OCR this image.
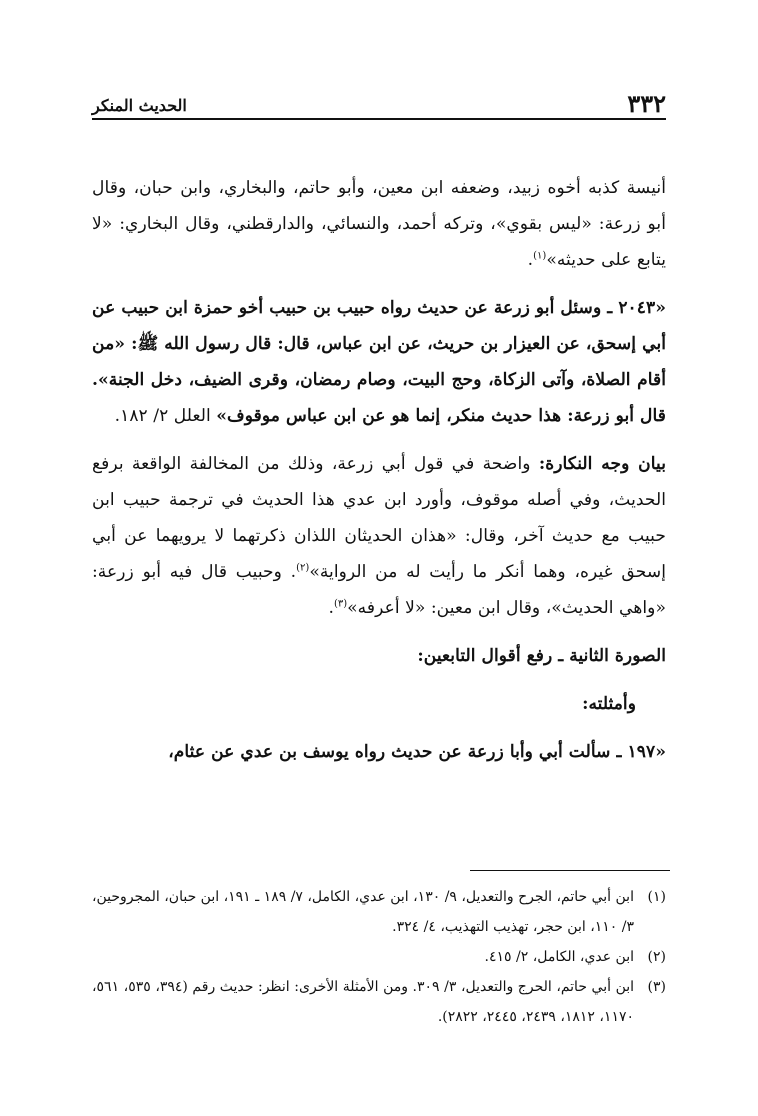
٣٣٢
الحديث المنكر

أنيسة كذبه أخوه زبيد، وضعفه ابن معين، وأبو حاتم، والبخاري، وابن حبان، وقال أبو زرعة: «ليس بقوي»، وتركه أحمد، والنسائي، والدارقطني، وقال البخاري: «لا يتابع على حديثه»$^{(١)}$.

«٢٠٤٣ ـ وسئل أبو زرعة عن حديث رواه حبيب بن حبيب أخو حمزة ابن حبيب عن أبي إسحق، عن العيزار بن حريث، عن ابن عباس، قال: قال رسول الله ﷺ: «من أقام الصلاة، وآتى الزكاة، وحج البيت، وصام رمضان، وقرى الضيف، دخل الجنة». قال أبو زرعة: هذا حديث منكر، إنما هو عن ابن عباس موقوف» العلل ٢/ ١٨٢.

بيان وجه النكارة: واضحة في قول أبي زرعة، وذلك من المخالفة الواقعة برفع الحديث، وفي أصله موقوف، وأورد ابن عدي هذا الحديث في ترجمة حبيب ابن حبيب مع حديث آخر، وقال: «هذان الحديثان اللذان ذكرتهما لا يرويهما عن أبي إسحق غيره، وهما أنكر ما رأيت له من الرواية»$^{(٢)}$. وحبيب قال فيه أبو زرعة: «واهي الحديث»، وقال ابن معين: «لا أعرفه»$^{(٣)}$.

الصورة الثانية ـ رفع أقوال التابعين:

وأمثلته:

«١٩٧ ـ سألت أبي وأبا زرعة عن حديث رواه يوسف بن عدي عن عثام،

(١)
ابن أبي حاتم، الجرح والتعديل، ٩/ ١٣٠، ابن عدي، الكامل، ٧/ ١٨٩ ـ ١٩١، ابن حبان، المجروحين، ٣/ ١١٠، ابن حجر، تهذيب التهذيب، ٤/ ٣٢٤.
(٢)
ابن عدي، الكامل، ٢/ ٤١٥.
(٣)
ابن أبي حاتم، الحرج والتعديل، ٣/ ٣٠٩. ومن الأمثلة الأخرى: انظر: حديث رقم (٣٩٤، ٥٣٥، ٥٦١، ١١٧٠، ١٨١٢، ٢٤٣٩، ٢٤٤٥، ٢٨٢٢).
